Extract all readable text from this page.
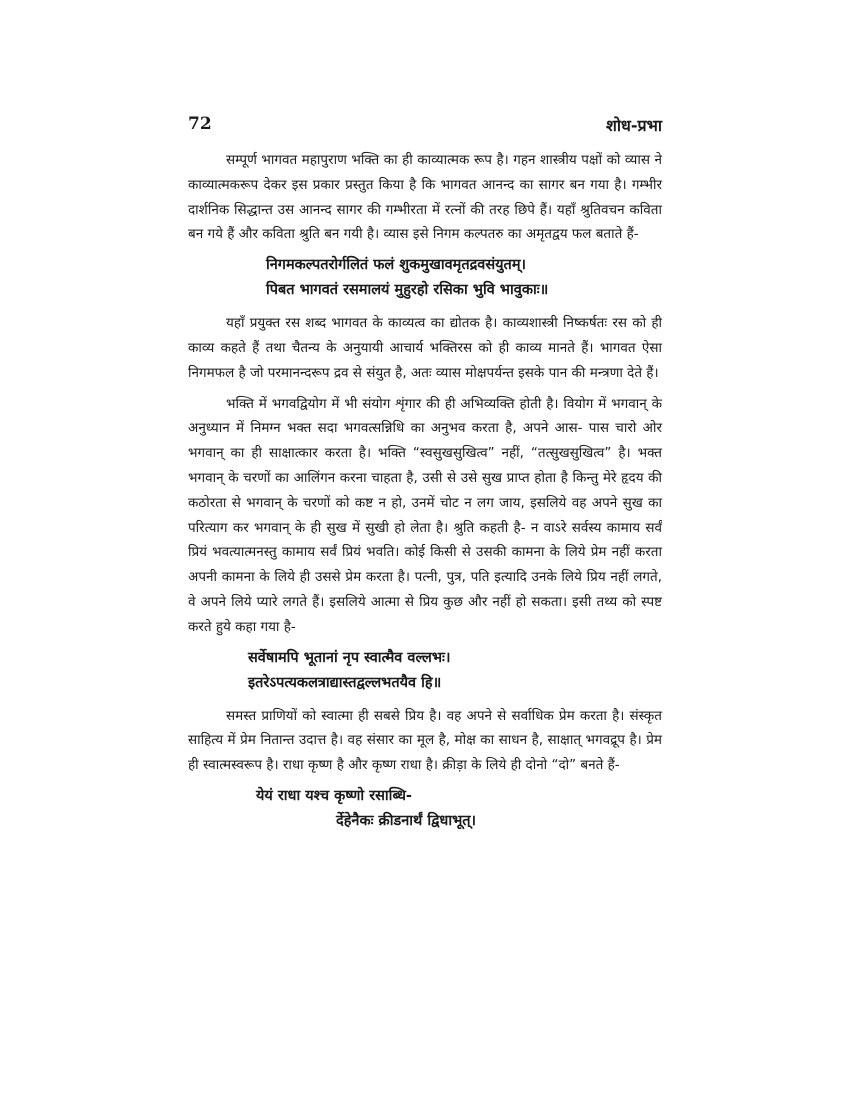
72	शोध-प्रभा

सम्पूर्ण भागवत महापुराण भक्ति का ही काव्यात्मक रूप है। गहन शास्त्रीय पक्षों को व्यास ने काव्यात्मकरूप देकर इस प्रकार प्रस्तुत किया है कि भागवत आनन्द का सागर बन गया है। गम्भीर दार्शनिक सिद्धान्त उस आनन्द सागर की गम्भीरता में रत्नों की तरह छिपे हैं। यहाँ श्रुतिवचन कविता बन गये हैं और कविता श्रुति बन गयी है। व्यास इसे निगम कल्पतरु का अमृतद्वय फल बताते हैं-

निगमकल्पतरोर्गलितं फलं शुकमुखावमृतद्रवसंयुतम्।
पिबत भागवतं रसमालयं मुहुरहो रसिका भुवि भावुकाः॥

यहाँ प्रयुक्त रस शब्द भागवत के काव्यत्व का द्योतक है। काव्यशास्त्री निष्कर्षतः रस को ही काव्य कहते हैं तथा चैतन्य के अनुयायी आचार्य भक्तिरस को ही काव्य मानते हैं। भागवत ऐसा निगमफल है जो परमानन्दरूप द्रव से संयुत है, अतः व्यास मोक्षपर्यन्त इसके पान की मन्त्रणा देते हैं।

भक्ति में भगवद्वियोग में भी संयोग शृंगार की ही अभिव्यक्ति होती है। वियोग में भगवान् के अनुध्यान में निमग्न भक्त सदा भगवत्सन्निधि का अनुभव करता है, अपने आस- पास चारो ओर भगवान् का ही साक्षात्कार करता है। भक्ति “स्वसुखसुखित्व” नहीं, “तत्सुखसुखित्व” है। भक्त भगवान् के चरणों का आलिंगन करना चाहता है, उसी से उसे सुख प्राप्त होता है किन्तु मेरे हृदय की कठोरता से भगवान् के चरणों को कष्ट न हो, उनमें चोट न लग जाय, इसलिये वह अपने सुख का परित्याग कर भगवान् के ही सुख में सुखी हो लेता है। श्रुति कहती है- न वाऽरे सर्वस्य कामाय सर्वं प्रियं भवत्यात्मनस्तु कामाय सर्वं प्रियं भवति। कोई किसी से उसकी कामना के लिये प्रेम नहीं करता अपनी कामना के लिये ही उससे प्रेम करता है। पत्नी, पुत्र, पति इत्यादि उनके लिये प्रिय नहीं लगते, वे अपने लिये प्यारे लगते हैं। इसलिये आत्मा से प्रिय कुछ और नहीं हो सकता। इसी तथ्य को स्पष्ट करते हुये कहा गया है-

सर्वेषामपि भूतानां नृप स्वात्मैव वल्लभः।
इतरेऽपत्यकलत्राद्यास्तद्वल्लभतयैव हि॥

समस्त प्राणियों को स्वात्मा ही सबसे प्रिय है। वह अपने से सर्वाधिक प्रेम करता है। संस्कृत साहित्य में प्रेम नितान्त उदात्त है। वह संसार का मूल है, मोक्ष का साधन है, साक्षात् भगवद्रूप है। प्रेम ही स्वात्मस्वरूप है। राधा कृष्ण है और कृष्ण राधा है। क्रीड़ा के लिये ही दोनो “दो” बनते हैं-

येयं राधा यश्च कृष्णो रसाब्धि-
र्देहेनैकः क्रीडनार्थं द्विधाभूत्।
